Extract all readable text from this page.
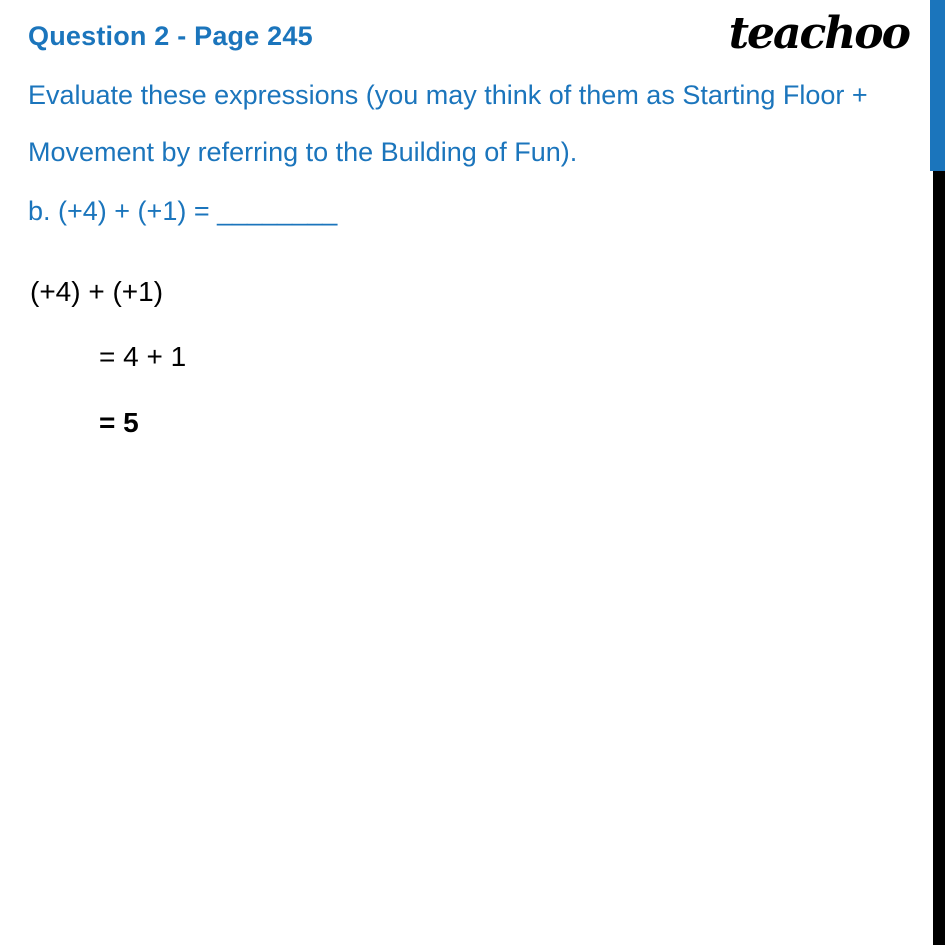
Question 2 - Page 245	teachoo
Evaluate these expressions (you may think of them as Starting Floor +
Movement by referring to the Building of Fun).
b. (+4) + (+1) = ________
(+4) + (+1)
= 4 + 1
= 5
